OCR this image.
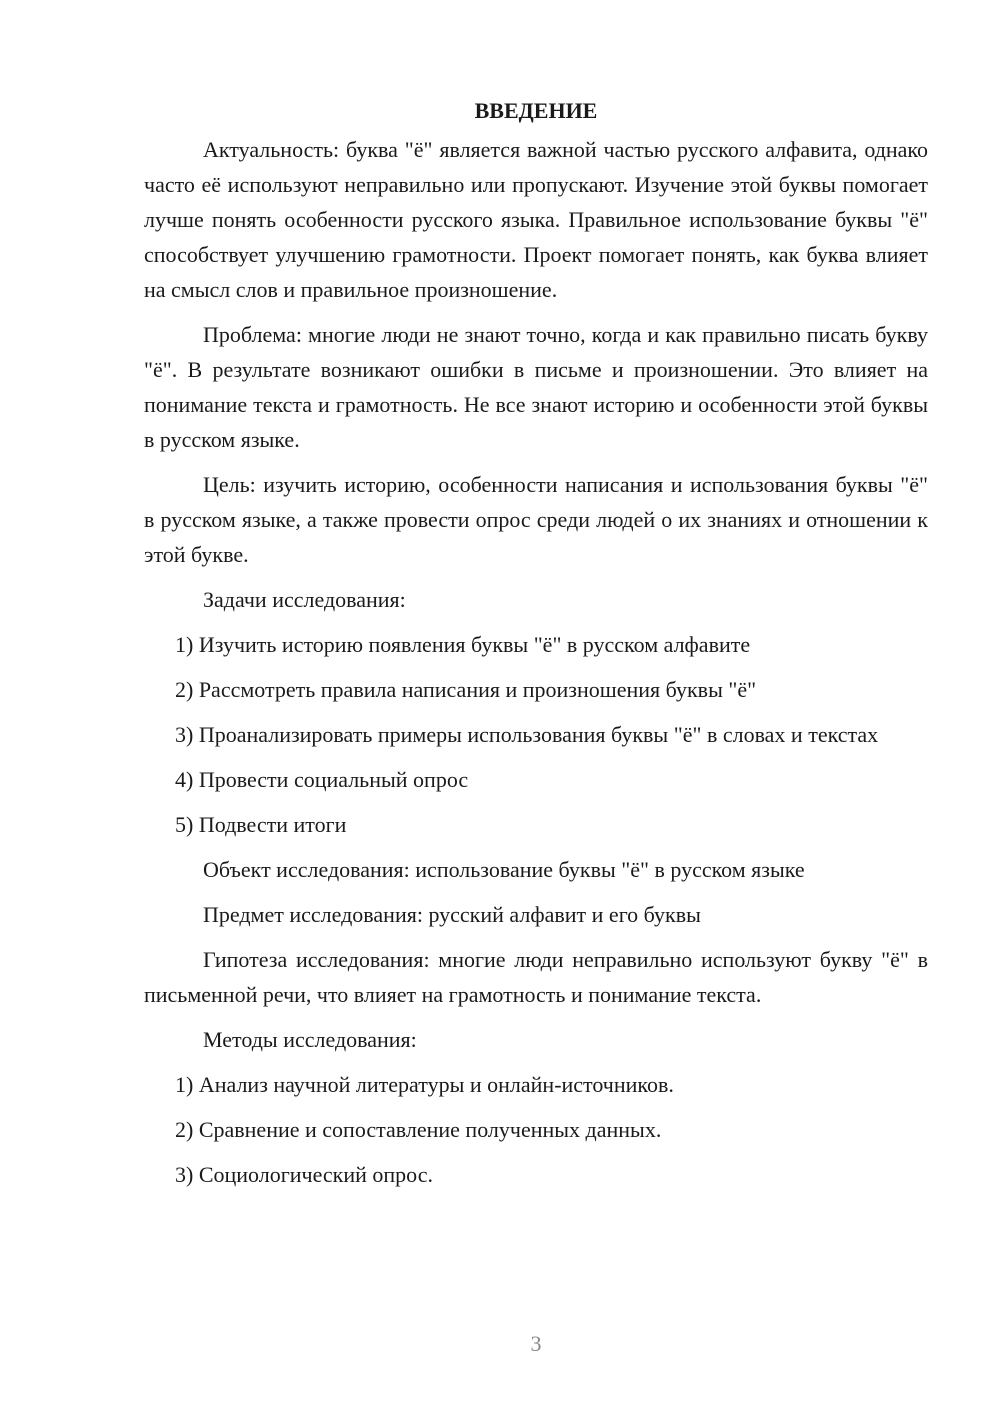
ВВЕДЕНИЕ

Актуальность: буква "ё" является важной частью русского алфавита, однако часто её используют неправильно или пропускают. Изучение этой буквы помогает лучше понять особенности русского языка. Правильное использование буквы "ё" способствует улучшению грамотности. Проект помогает понять, как буква влияет на смысл слов и правильное произношение.

Проблема: многие люди не знают точно, когда и как правильно писать букву "ё". В результате возникают ошибки в письме и произношении. Это влияет на понимание текста и грамотность. Не все знают историю и особенности этой буквы в русском языке.

Цель: изучить историю, особенности написания и использования буквы "ё" в русском языке, а также провести опрос среди людей о их знаниях и отношении к этой букве.

Задачи исследования:

1) Изучить историю появления буквы "ё" в русском алфавите

2) Рассмотреть правила написания и произношения буквы "ё"

3) Проанализировать примеры использования буквы "ё" в словах и текстах

4) Провести социальный опрос

5) Подвести итоги

Объект исследования: использование буквы "ё" в русском языке

Предмет исследования: русский алфавит и его буквы

Гипотеза исследования: многие люди неправильно используют букву "ё" в письменной речи, что влияет на грамотность и понимание текста.

Методы исследования:

1) Анализ научной литературы и онлайн-источников.

2) Сравнение и сопоставление полученных данных.

3) Социологический опрос.

3
